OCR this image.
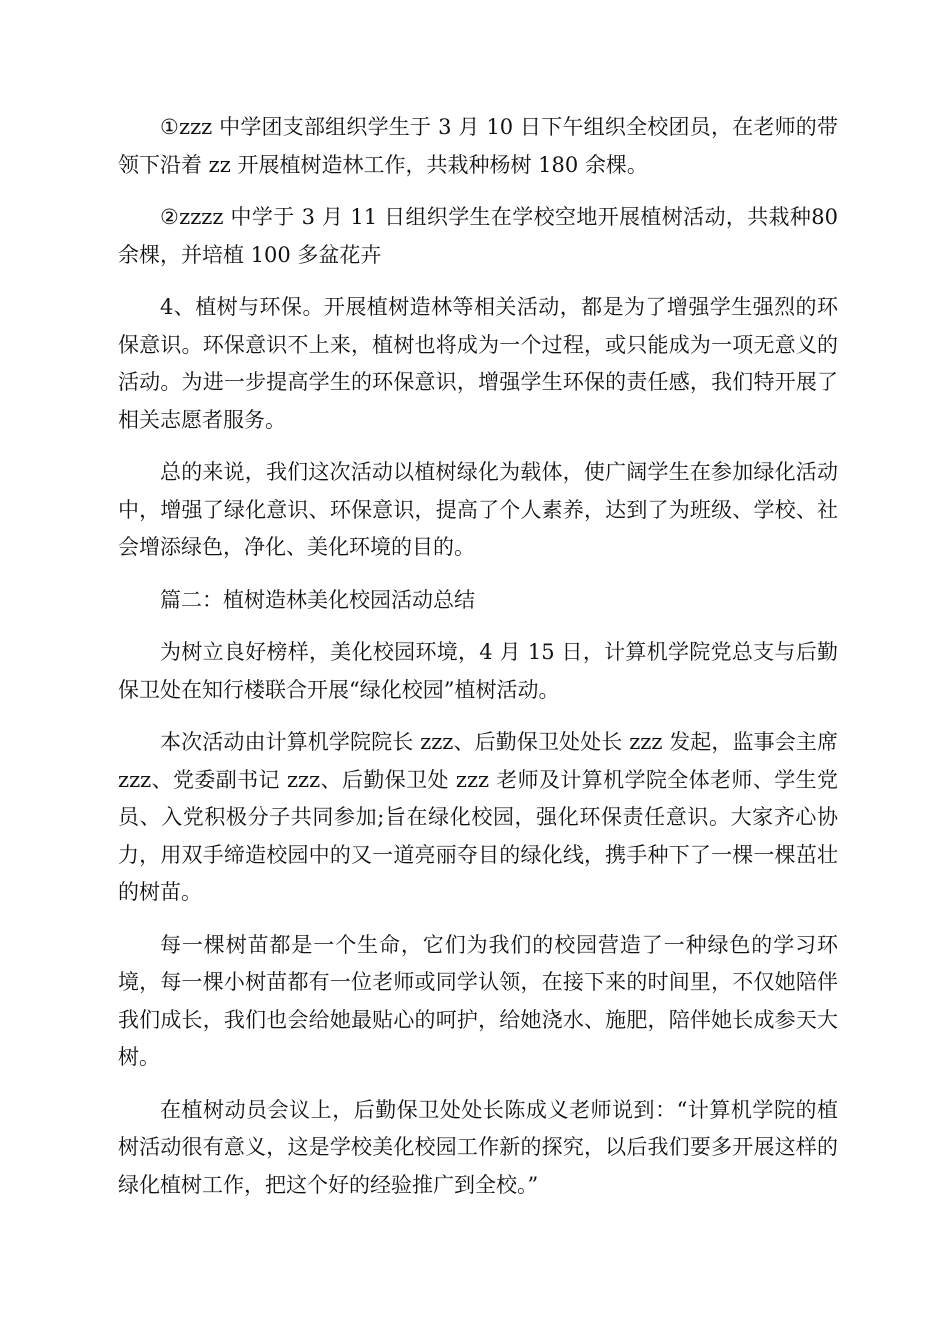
①zzz 中学团支部组织学生于 3 月 10 日下午组织全校团员，在老师的带领下沿着 zz 开展植树造林工作，共栽种杨树 180 余棵。

②zzzz 中学于 3 月 11 日组织学生在学校空地开展植树活动，共栽种80 余棵，并培植 100 多盆花卉

4、植树与环保。开展植树造林等相关活动，都是为了增强学生强烈的环保意识。环保意识不上来，植树也将成为一个过程，或只能成为一项无意义的活动。为进一步提高学生的环保意识，增强学生环保的责任感，我们特开展了相关志愿者服务。

总的来说，我们这次活动以植树绿化为载体，使广阔学生在参加绿化活动中，增强了绿化意识、环保意识，提高了个人素养，达到了为班级、学校、社会增添绿色，净化、美化环境的目的。

篇二：植树造林美化校园活动总结

为树立良好榜样，美化校园环境，4 月 15 日，计算机学院党总支与后勤保卫处在知行楼联合开展“绿化校园”植树活动。

本次活动由计算机学院院长 zzz、后勤保卫处处长 zzz 发起，监事会主席 zzz、党委副书记 zzz、后勤保卫处 zzz 老师及计算机学院全体老师、学生党员、入党积极分子共同参加;旨在绿化校园，强化环保责任意识。大家齐心协力，用双手缔造校园中的又一道亮丽夺目的绿化线，携手种下了一棵一棵茁壮的树苗。

每一棵树苗都是一个生命，它们为我们的校园营造了一种绿色的学习环境，每一棵小树苗都有一位老师或同学认领，在接下来的时间里，不仅她陪伴我们成长，我们也会给她最贴心的呵护，给她浇水、施肥，陪伴她长成参天大树。

在植树动员会议上，后勤保卫处处长陈成义老师说到：“计算机学院的植树活动很有意义，这是学校美化校园工作新的探究，以后我们要多开展这样的绿化植树工作，把这个好的经验推广到全校。”
